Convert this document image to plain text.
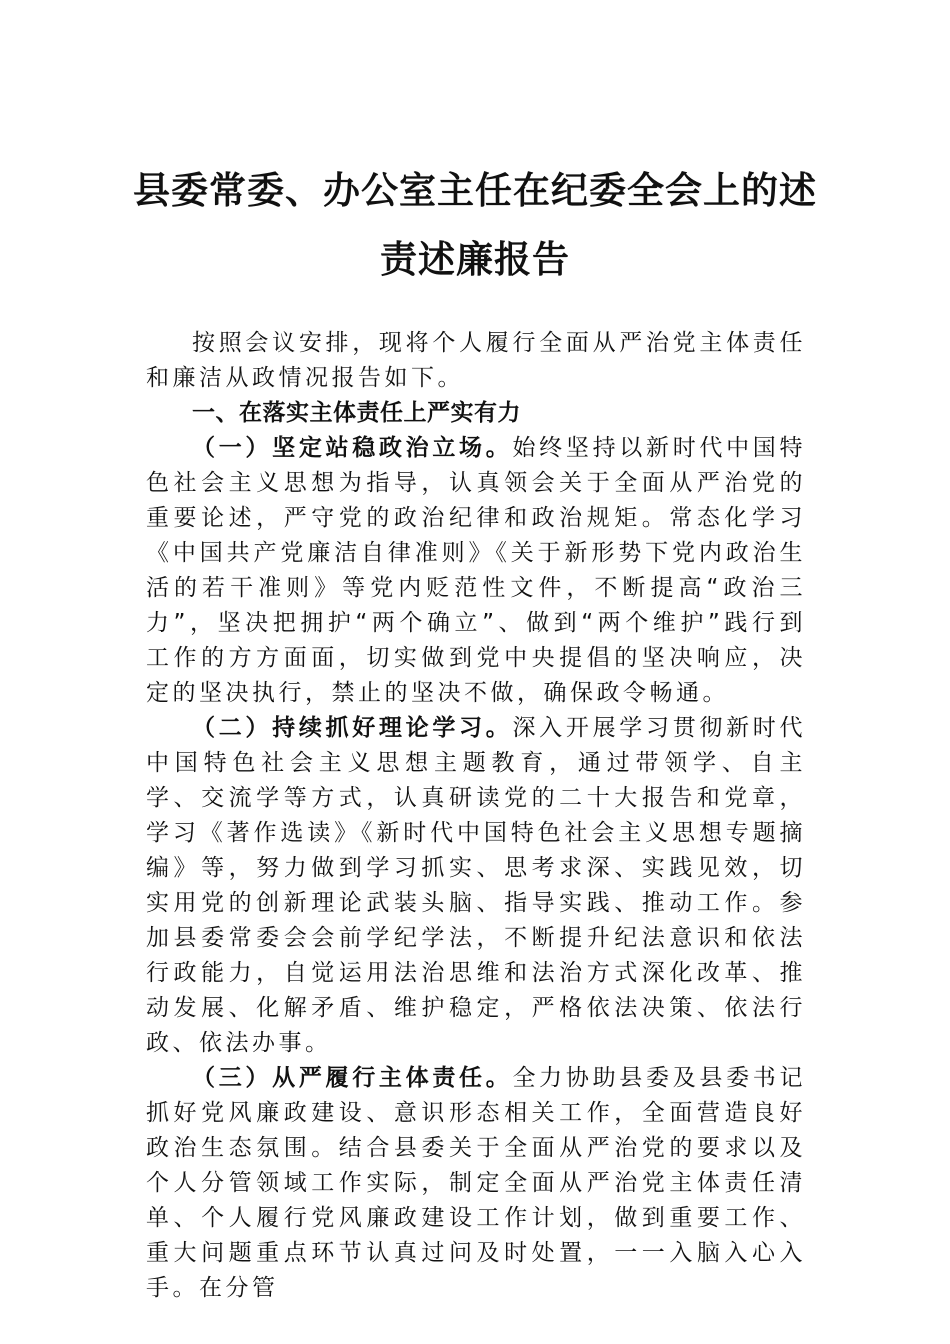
县委常委、办公室主任在纪委全会上的述
责述廉报告

按照会议安排，现将个人履行全面从严治党主体责任和廉洁从政情况报告如下。

一、在落实主体责任上严实有力

（一）坚定站稳政治立场。始终坚持以新时代中国特色社会主义思想为指导，认真领会关于全面从严治党的重要论述，严守党的政治纪律和政治规矩。常态化学习《中国共产党廉洁自律准则》《关于新形势下党内政治生活的若干准则》等党内贬范性文件，不断提高“政治三力”，坚决把拥护“两个确立”、做到“两个维护”践行到工作的方方面面，切实做到党中央提倡的坚决响应，决定的坚决执行，禁止的坚决不做，确保政令畅通。

（二）持续抓好理论学习。深入开展学习贯彻新时代中国特色社会主义思想主题教育，通过带领学、自主学、交流学等方式，认真研读党的二十大报告和党章，学习《著作选读》《新时代中国特色社会主义思想专题摘编》等，努力做到学习抓实、思考求深、实践见效，切实用党的创新理论武装头脑、指导实践、推动工作。参加县委常委会会前学纪学法，不断提升纪法意识和依法行政能力，自觉运用法治思维和法治方式深化改革、推动发展、化解矛盾、维护稳定，严格依法决策、依法行政、依法办事。

（三）从严履行主体责任。全力协助县委及县委书记抓好党风廉政建设、意识形态相关工作，全面营造良好政治生态氛围。结合县委关于全面从严治党的要求以及个人分管领域工作实际，制定全面从严治党主体责任清单、个人履行党风廉政建设工作计划，做到重要工作、重大问题重点环节认真过问及时处置，一一入脑入心入手。在分管
